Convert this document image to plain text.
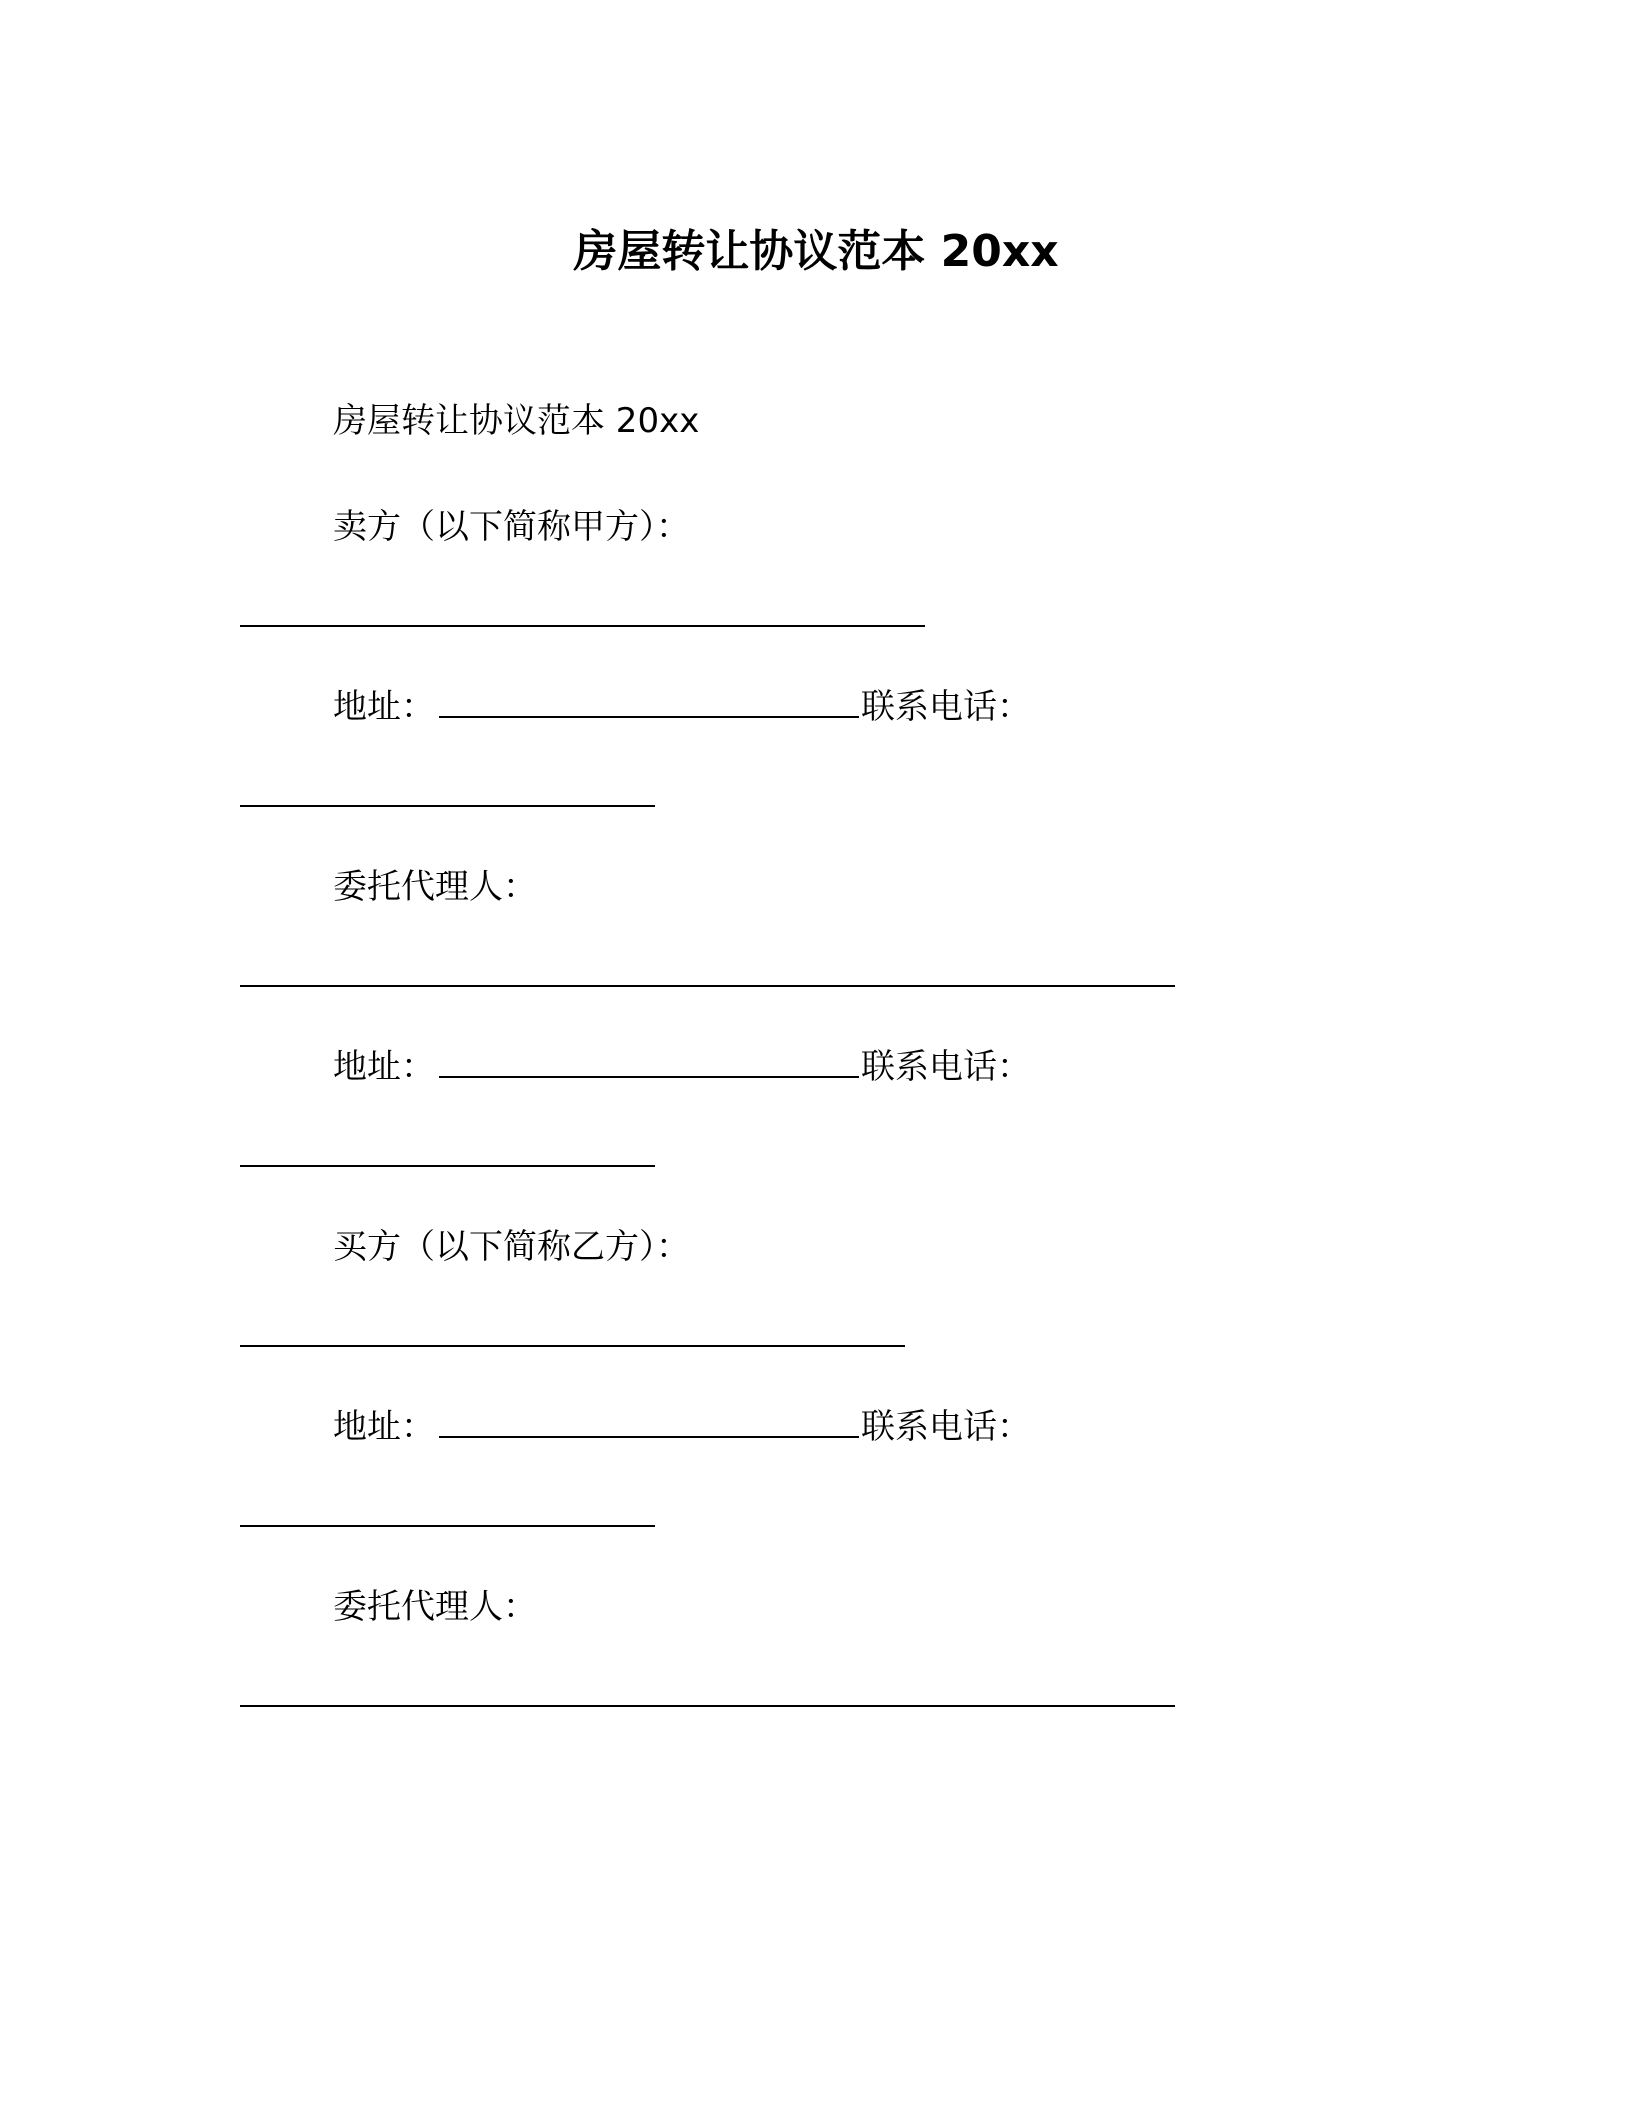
房屋转让协议范本 20xx
房屋转让协议范本 20xx
卖方（以下简称甲方）：
地址：	联系电话：
委托代理人：
地址：	联系电话：
买方（以下简称乙方）：
地址：	联系电话：
委托代理人：
